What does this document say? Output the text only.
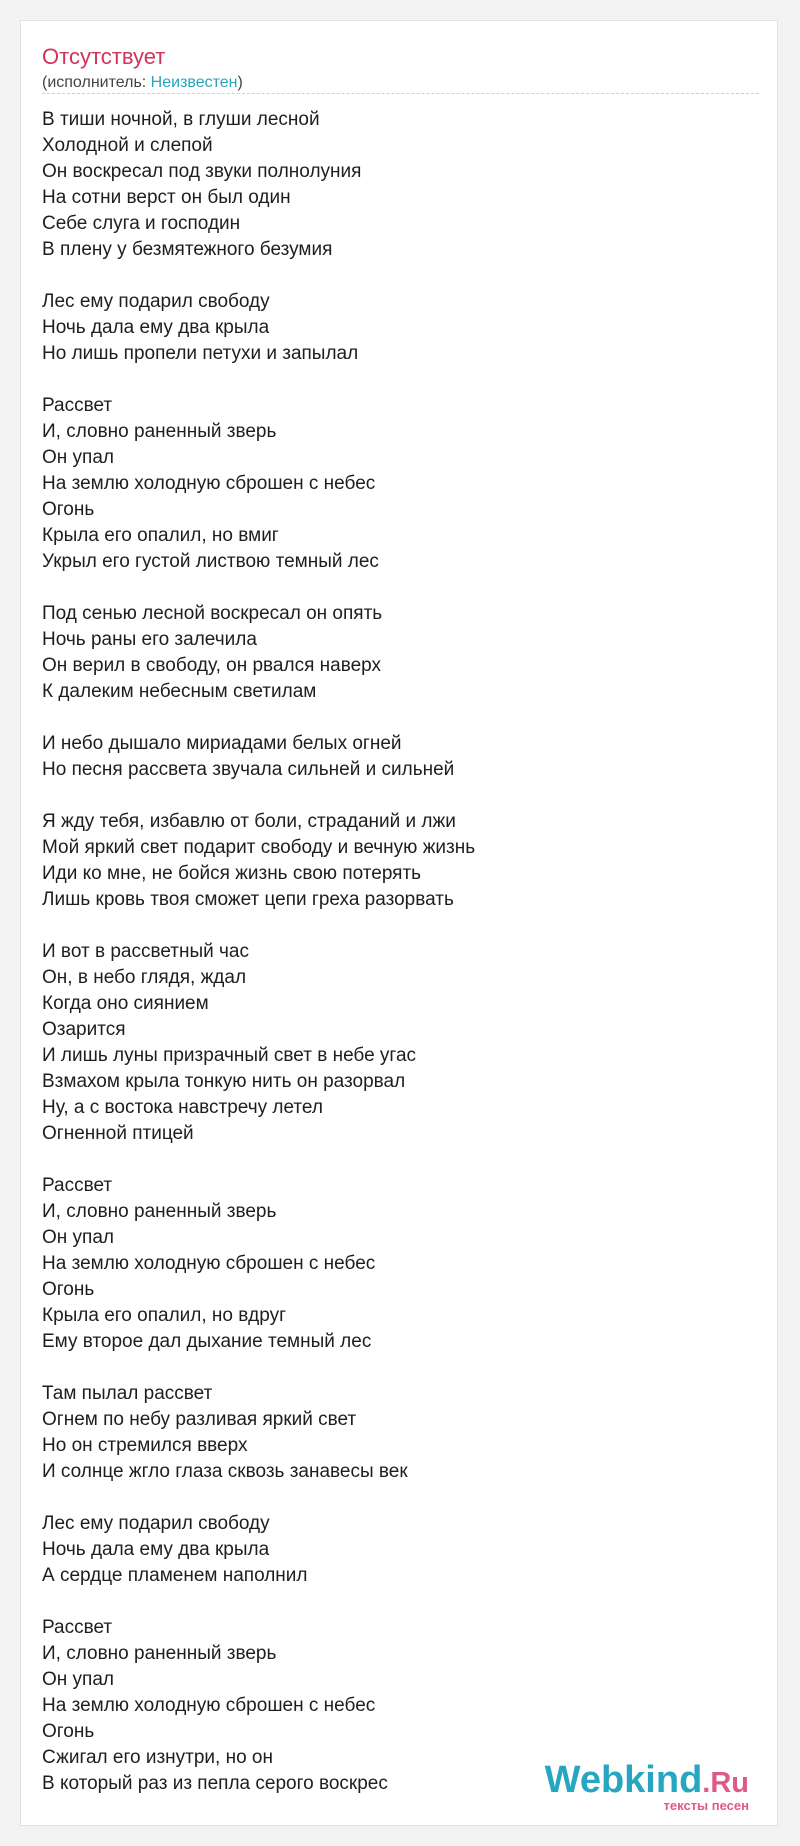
Отсутствует
(исполнитель: Неизвестен)
В тиши ночной, в глуши лесной
Холодной и слепой
Он воскресал под звуки полнолуния
На сотни верст он был один
Себе слуга и господин
В плену у безмятежного безумия
Лес ему подарил свободу
Ночь дала ему два крыла
Но лишь пропели петухи и запылал
Рассвет
И, словно раненный зверь
Он упал
На землю холодную сброшен с небес
Огонь
Крыла его опалил, но вмиг
Укрыл его густой листвою темный лес
Под сенью лесной воскресал он опять
Ночь раны его залечила
Он верил в свободу, он рвался наверх
К далеким небесным светилам
И небо дышало мириадами белых огней
Но песня рассвета звучала сильней и сильней
Я жду тебя, избавлю от боли, страданий и лжи
Мой яркий свет подарит свободу и вечную жизнь
Иди ко мне, не бойся жизнь свою потерять
Лишь кровь твоя сможет цепи греха разорвать
И вот в рассветный час
Он, в небо глядя, ждал
Когда оно сиянием
Озарится
И лишь луны призрачный свет в небе угас
Взмахом крыла тонкую нить он разорвал
Ну, а с востока навстречу летел
Огненной птицей
Рассвет
И, словно раненный зверь
Он упал
На землю холодную сброшен с небес
Огонь
Крыла его опалил, но вдруг
Ему второе дал дыхание темный лес
Там пылал рассвет
Огнем по небу разливая яркий свет
Но он стремился вверх
И солнце жгло глаза сквозь занавесы век
Лес ему подарил свободу
Ночь дала ему два крыла
А сердце пламенем наполнил
Рассвет
И, словно раненный зверь
Он упал
На землю холодную сброшен с небес
Огонь
Сжигал его изнутри, но он
В который раз из пепла серого воскрес	Webkind.Ru
тексты песен
